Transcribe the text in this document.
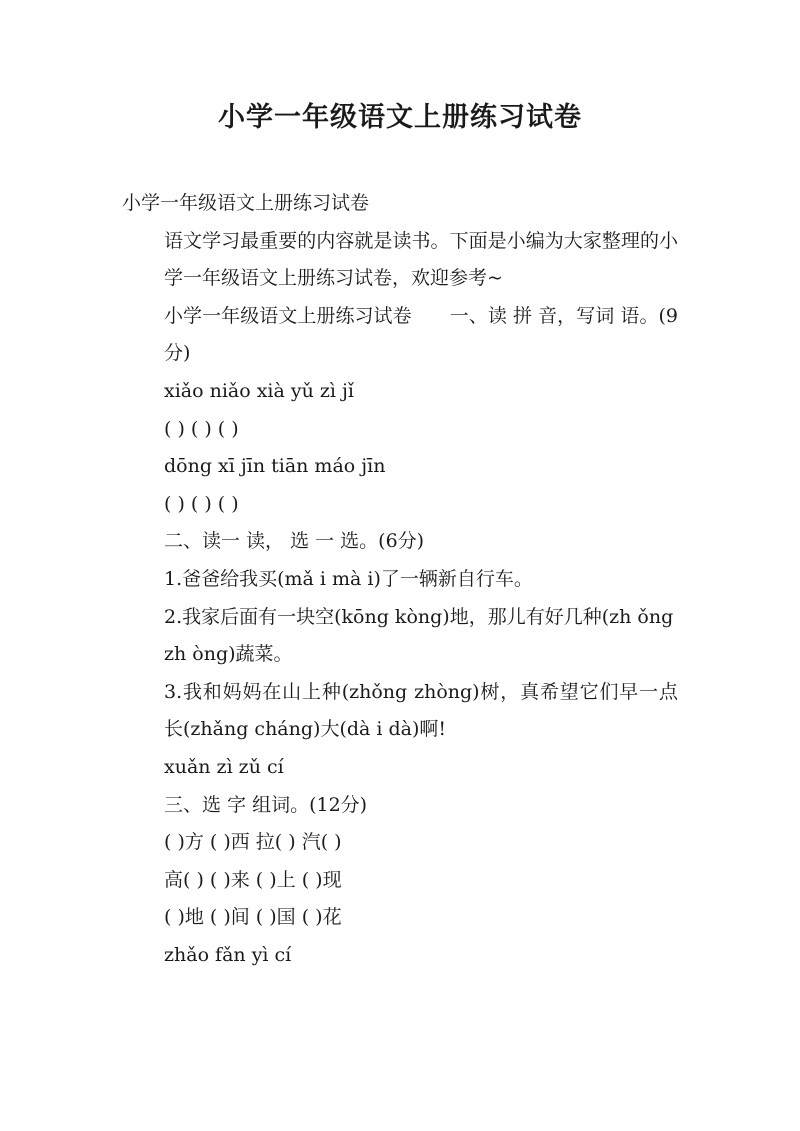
小学一年级语文上册练习试卷

小学一年级语文上册练习试卷

语文学习最重要的内容就是读书。下面是小编为大家整理的小学一年级语文上册练习试卷，欢迎参考~

小学一年级语文上册练习试卷　　一、读 拼 音，写词 语。(9分)

xiǎo niǎo xià yǔ zì jǐ

( ) ( ) ( )

dōng xī jīn tiān máo jīn

( ) ( ) ( )

二、读一 读， 选 一 选。(6分)

1.爸爸给我买(mǎ i mà i)了一辆新自行车。

2.我家后面有一块空(kōng kòng)地，那儿有好几种(zh ǒng

zh òng)蔬菜。

3.我和妈妈在山上种(zhǒng zhòng)树，真希望它们早一点长(zhǎng cháng)大(dà i dà)啊!

xuǎn zì zǔ cí

三、选 字 组词。(12分)

( )方 ( )西 拉( ) 汽( )

高( ) ( )来 ( )上 ( )现

( )地 ( )间 ( )国 ( )花

zhǎo fǎn yì cí
